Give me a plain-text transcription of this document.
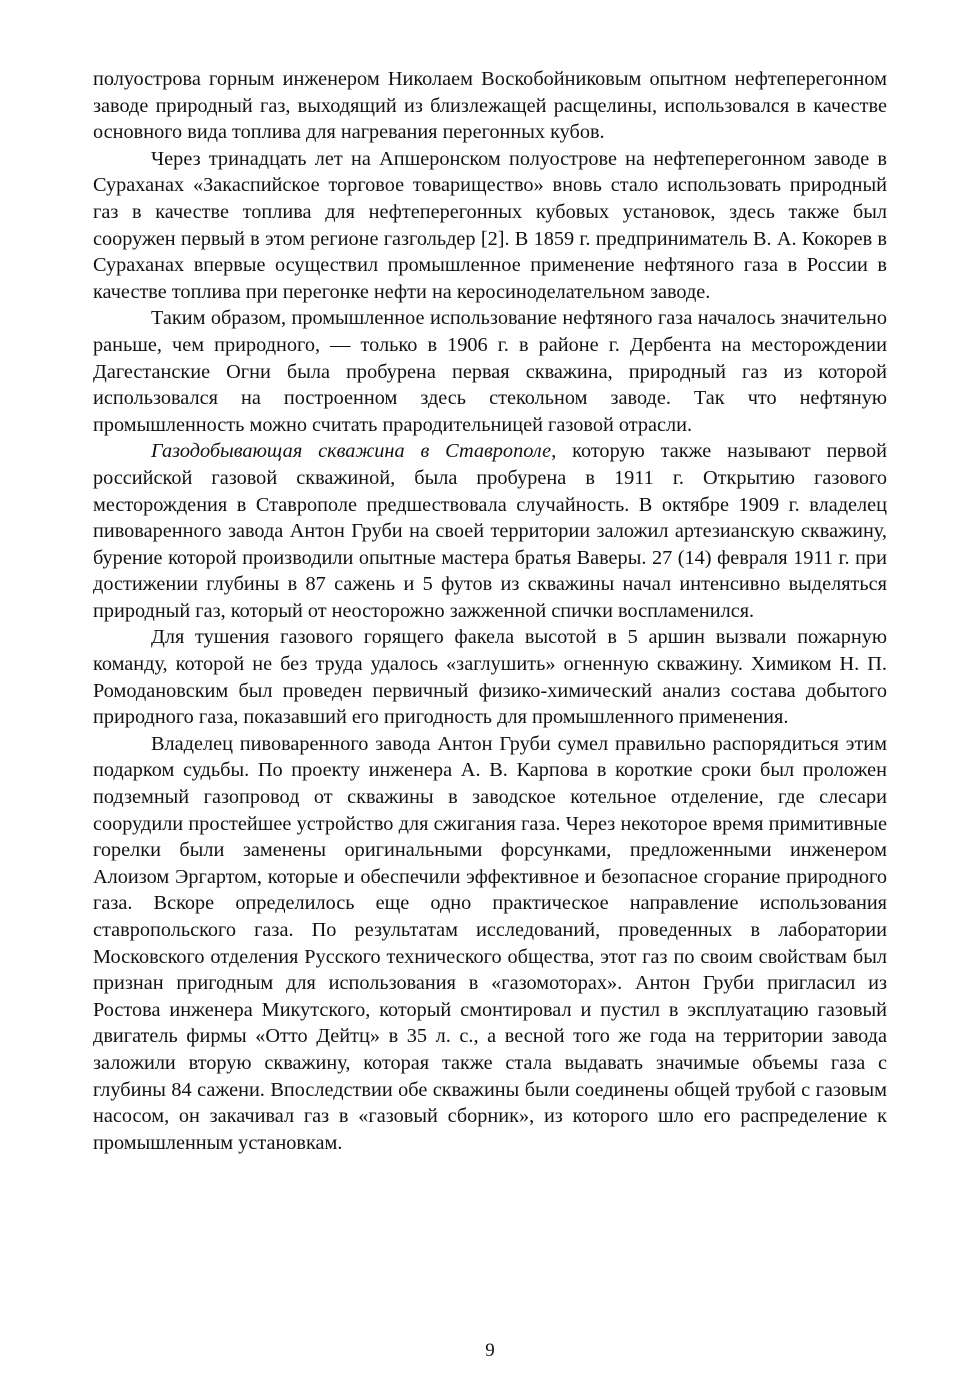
полуострова горным инженером Николаем Воскобойниковым опытном нефтеперегонном заводе природный газ, выходящий из близлежащей расщелины, использовался в качестве основного вида топлива для нагревания перегонных кубов.

Через тринадцать лет на Апшеронском полуострове на нефтеперегонном заводе в Сураханах «Закаспийское торговое товарищество» вновь стало использовать природный газ в качестве топлива для нефтеперегонных кубовых установок, здесь также был сооружен первый в этом регионе газгольдер [2]. В 1859 г. предприниматель В. А. Кокорев в Сураханах впервые осуществил промышленное применение нефтяного газа в России в качестве топлива при перегонке нефти на керосиноделательном заводе.

Таким образом, промышленное использование нефтяного газа началось значительно раньше, чем природного, — только в 1906 г. в районе г. Дербента на месторождении Дагестанские Огни была пробурена первая скважина, природный газ из которой использовался на построенном здесь стекольном заводе. Так что нефтяную промышленность можно считать прародительницей газовой отрасли.

Газодобывающая скважина в Ставрополе, которую также называют первой российской газовой скважиной, была пробурена в 1911 г. Открытию газового месторождения в Ставрополе предшествовала случайность. В октябре 1909 г. владелец пивоваренного завода Антон Груби на своей территории заложил артезианскую скважину, бурение которой производили опытные мастера братья Ваверы. 27 (14) февраля 1911 г. при достижении глубины в 87 сажень и 5 футов из скважины начал интенсивно выделяться природный газ, который от неосторожно зажженной спички воспламенился.

Для тушения газового горящего факела высотой в 5 аршин вызвали пожарную команду, которой не без труда удалось «заглушить» огненную скважину. Химиком Н. П. Ромодановским был проведен первичный физико-химический анализ состава добытого природного газа, показавший его пригодность для промышленного применения.

Владелец пивоваренного завода Антон Груби сумел правильно распорядиться этим подарком судьбы. По проекту инженера А. В. Карпова в короткие сроки был проложен подземный газопровод от скважины в заводское котельное отделение, где слесари соорудили простейшее устройство для сжигания газа. Через некоторое время примитивные горелки были заменены оригинальными форсунками, предложенными инженером Алоизом Эргартом, которые и обеспечили эффективное и безопасное сгорание природного газа. Вскоре определилось еще одно практическое направление использования ставропольского газа. По результатам исследований, проведенных в лаборатории Московского отделения Русского технического общества, этот газ по своим свойствам был признан пригодным для использования в «газомоторах». Антон Груби пригласил из Ростова инженера Микутского, который смонтировал и пустил в эксплуатацию газовый двигатель фирмы «Отто Дейтц» в 35 л. с., а весной того же года на территории завода заложили вторую скважину, которая также стала выдавать значимые объемы газа с глубины 84 сажени. Впоследствии обе скважины были соединены общей трубой с газовым насосом, он закачивал газ в «газовый сборник», из которого шло его распределение к промышленным установкам.

9
